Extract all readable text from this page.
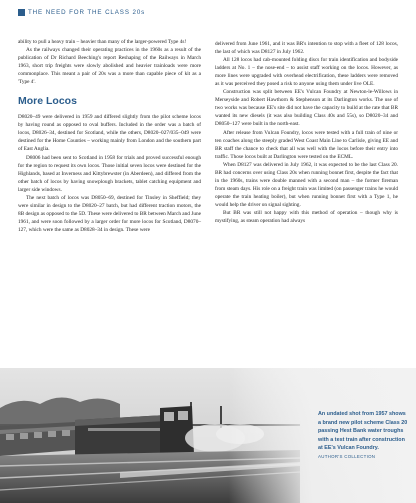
THE NEED FOR THE CLASS 20s

ability to pull a heavy train – heavier than many of the larger-powered Type 4s!

As the railways changed their operating practices in the 1960s as a result of the publication of Dr Richard Beeching's report Reshaping of the Railways in March 1963, short trip freights were slowly abolished and heavier trainloads were more commonplace. This meant a pair of 20s was a more than capable piece of kit as a 'Type 4'.

More Locos

D8020–49 were delivered in 1959 and differed slightly from the pilot scheme locos by having round as opposed to oval buffers. Included in the order was a batch of locos, D8026–34, destined for Scotland, while the others, D8020–027/035–049 were destined for the Home Counties – working mainly from London and the southern part of East Anglia.

D8006 had been sent to Scotland in 1958 for trials and proved successful enough for the region to request its own locos. Those initial seven locos were destined for the Highlands, based at Inverness and Kittybrewster (in Aberdeen), and differed from the other batch of locos by having snowplough brackets, tablet catching equipment and larger side windows.

The next batch of locos was D8050–69, destined for Tinsley in Sheffield; they were similar in design to the D8020–27 batch, but had different traction motors, the 8B design as opposed to the 5D. These were delivered to BR between March and June 1961, and were soon followed by a larger order for more locos for Scotland, D8070–127, which were the same as D8028–34 in design. These were

delivered from June 1961, and it was BR's intention to stop with a fleet of 128 locos, the last of which was D8127 in July 1962.

All 128 locos had cab-mounted folding discs for train identification and bodyside ladders at No. 1 – the nose-end – to assist staff working on the locos. However, as more lines were upgraded with overhead electrification, these ladders were removed as it was perceived they posed a risk to anyone using them under live OLE.

Construction was split between EE's Vulcan Foundry at Newton-le-Willows in Merseyside and Robert Hawthorn & Stephenson at its Darlington works. The use of two works was because EE's site did not have the capacity to build at the rate that BR wanted its new diesels (it was also building Class 40s and 55s), so D8020–34 and D8050–127 were built in the north-east.

After release from Vulcan Foundry, locos were tested with a full train of nine or ten coaches along the steeply graded West Coast Main Line to Carlisle, giving EE and BR staff the chance to check that all was well with the locos before their entry into traffic. Those locos built at Darlington were tested on the ECML.

When D8127 was delivered in July 1962, it was expected to be the last Class 20. BR had concerns over using Class 20s when running bonnet first, despite the fact that in the 1960s, trains were double manned with a second man – the former fireman from steam days. His role on a freight train was limited (on passenger trains he would operate the train heating boiler), but when running bonnet first with a Type 1, he would help the driver on signal sighting.

But BR was still not happy with this method of operation – though why is mystifying, as steam operation had always

An undated shot from 1957 shows a brand new pilot scheme Class 20 passing Hest Bank water troughs with a test train after construction at EE's Vulcan Foundry.
AUTHOR'S COLLECTION
